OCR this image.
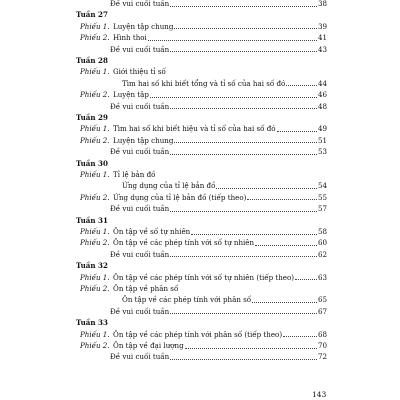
Đề vui cuối tuần	38
Tuần 27
Phiếu 1. Luyện tập chung	39
Phiếu 2. Hình thoi	41
Đề vui cuối tuần	43
Tuần 28
Phiếu 1. Giới thiệu tỉ số
Tìm hai số khi biết tổng và tỉ số của hai số đó	44
Phiếu 2. Luyện tập	46
Đề vui cuối tuần	48
Tuần 29
Phiếu 1. Tìm hai số khi biết hiệu và tỉ số của hai số đó	49
Phiếu 2. Luyện tập chung	51
Đề vui cuối tuần	53
Tuần 30
Phiếu 1. Tỉ lệ bản đồ
Ứng dụng của tỉ lệ bản đồ	54
Phiếu 2. Ứng dụng của tỉ lệ bản đồ (tiếp theo)	55
Đề vui cuối tuần	57
Tuần 31
Phiếu 1. Ôn tập về số tự nhiên	58
Phiếu 2. Ôn tập về các phép tính với số tự nhiên	60
Đề vui cuối tuần	62
Tuần 32
Phiếu 1. Ôn tập về các phép tính với số tự nhiên (tiếp theo)	63
Phiếu 2. Ôn tập về phân số
Ôn tập về các phép tính với phân số	65
Đề vui cuối tuần	67
Tuần 33
Phiếu 1. Ôn tập về các phép tính với phân số (tiếp theo)	68
Phiếu 2. Ôn tập về đại lượng	70
Đề vui cuối tuần	72
143
